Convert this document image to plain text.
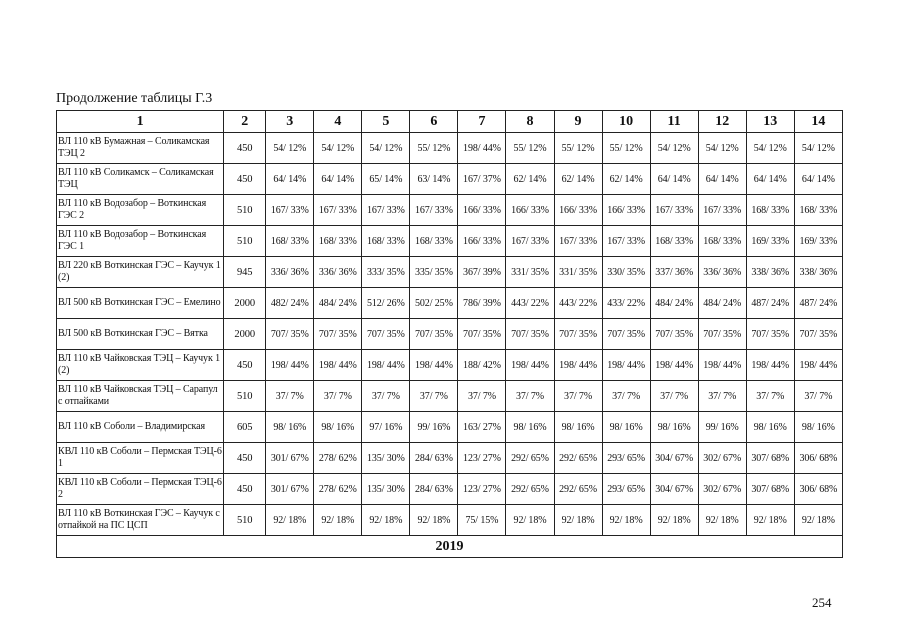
Продолжение таблицы Г.3
1	2	3	4	5	6	7	8	9	10	11	12	13	14
ВЛ 110 кВ Бумажная – Соликамская ТЭЦ 2	450	54/ 12%	54/ 12%	54/ 12%	55/ 12%	198/ 44%	55/ 12%	55/ 12%	55/ 12%	54/ 12%	54/ 12%	54/ 12%	54/ 12%
ВЛ 110 кВ Соликамск – Соликамская ТЭЦ	450	64/ 14%	64/ 14%	65/ 14%	63/ 14%	167/ 37%	62/ 14%	62/ 14%	62/ 14%	64/ 14%	64/ 14%	64/ 14%	64/ 14%
ВЛ 110 кВ Водозабор – Воткинская ГЭС 2	510	167/ 33%	167/ 33%	167/ 33%	167/ 33%	166/ 33%	166/ 33%	166/ 33%	166/ 33%	167/ 33%	167/ 33%	168/ 33%	168/ 33%
ВЛ 110 кВ Водозабор – Воткинская ГЭС 1	510	168/ 33%	168/ 33%	168/ 33%	168/ 33%	166/ 33%	167/ 33%	167/ 33%	167/ 33%	168/ 33%	168/ 33%	169/ 33%	169/ 33%
ВЛ 220 кВ Воткинская ГЭС – Каучук 1 (2)	945	336/ 36%	336/ 36%	333/ 35%	335/ 35%	367/ 39%	331/ 35%	331/ 35%	330/ 35%	337/ 36%	336/ 36%	338/ 36%	338/ 36%
ВЛ 500 кВ Воткинская ГЭС – Емелино	2000	482/ 24%	484/ 24%	512/ 26%	502/ 25%	786/ 39%	443/ 22%	443/ 22%	433/ 22%	484/ 24%	484/ 24%	487/ 24%	487/ 24%
ВЛ 500 кВ Воткинская ГЭС – Вятка	2000	707/ 35%	707/ 35%	707/ 35%	707/ 35%	707/ 35%	707/ 35%	707/ 35%	707/ 35%	707/ 35%	707/ 35%	707/ 35%	707/ 35%
ВЛ 110 кВ Чайковская ТЭЦ – Каучук 1 (2)	450	198/ 44%	198/ 44%	198/ 44%	198/ 44%	188/ 42%	198/ 44%	198/ 44%	198/ 44%	198/ 44%	198/ 44%	198/ 44%	198/ 44%
ВЛ 110 кВ Чайковская ТЭЦ – Сарапул с отпайками	510	37/ 7%	37/ 7%	37/ 7%	37/ 7%	37/ 7%	37/ 7%	37/ 7%	37/ 7%	37/ 7%	37/ 7%	37/ 7%	37/ 7%
ВЛ 110 кВ Соболи – Владимирская	605	98/ 16%	98/ 16%	97/ 16%	99/ 16%	163/ 27%	98/ 16%	98/ 16%	98/ 16%	98/ 16%	99/ 16%	98/ 16%	98/ 16%
КВЛ 110 кВ Соболи – Пермская ТЭЦ-6 1	450	301/ 67%	278/ 62%	135/ 30%	284/ 63%	123/ 27%	292/ 65%	292/ 65%	293/ 65%	304/ 67%	302/ 67%	307/ 68%	306/ 68%
КВЛ 110 кВ Соболи – Пермская ТЭЦ-6 2	450	301/ 67%	278/ 62%	135/ 30%	284/ 63%	123/ 27%	292/ 65%	292/ 65%	293/ 65%	304/ 67%	302/ 67%	307/ 68%	306/ 68%
ВЛ 110 кВ Воткинская ГЭС – Каучук с отпайкой на ПС ЦСП	510	92/ 18%	92/ 18%	92/ 18%	92/ 18%	75/ 15%	92/ 18%	92/ 18%	92/ 18%	92/ 18%	92/ 18%	92/ 18%	92/ 18%
2019													
254
